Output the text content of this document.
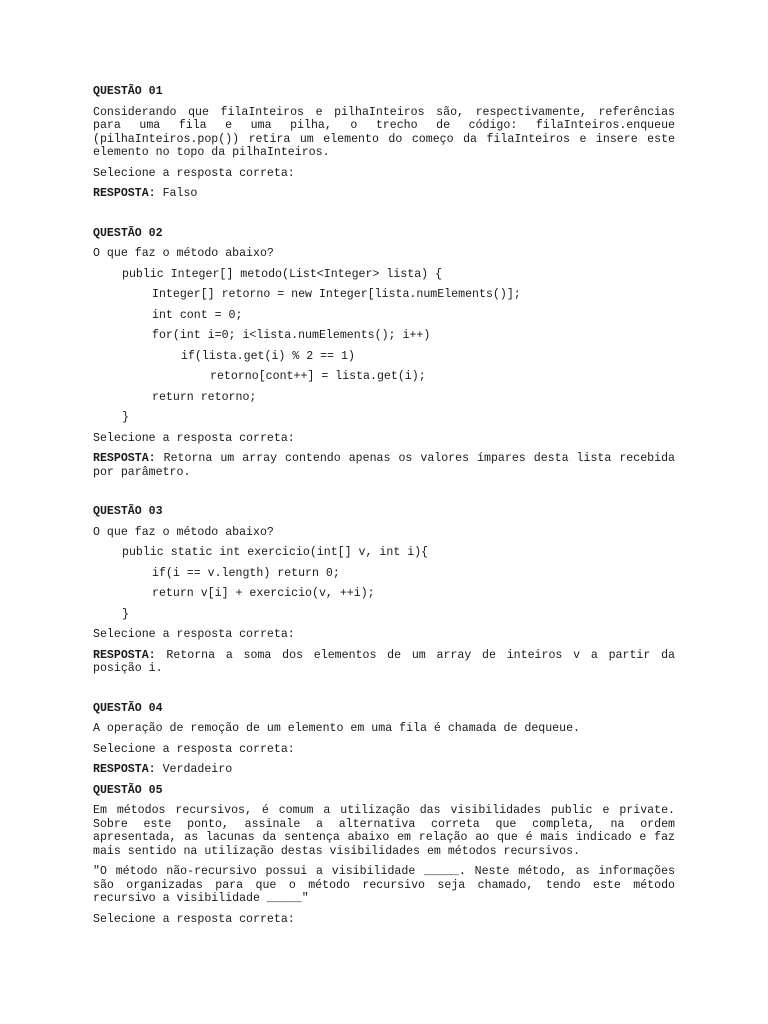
QUESTÃO 01
Considerando que filaInteiros e pilhaInteiros são, respectivamente, referências para uma fila e uma pilha, o trecho de código: filaInteiros.enqueue (pilhaInteiros.pop()) retira um elemento do começo da filaInteiros e insere este elemento no topo da pilhaInteiros.
Selecione a resposta correta:
RESPOSTA: Falso
QUESTÃO 02
O que faz o método abaixo?
public Integer[] metodo(List<Integer> lista) {
Integer[] retorno = new Integer[lista.numElements()];
int cont = 0;
for(int i=0; i<lista.numElements(); i++)
if(lista.get(i) % 2 == 1)
retorno[cont++] = lista.get(i);
return retorno;
}
Selecione a resposta correta:
RESPOSTA: Retorna um array contendo apenas os valores ímpares desta lista recebida por parâmetro.
QUESTÃO 03
O que faz o método abaixo?
public static int exercicio(int[] v, int i){
if(i == v.length) return 0;
return v[i] + exercicio(v, ++i);
}
Selecione a resposta correta:
RESPOSTA: Retorna a soma dos elementos de um array de inteiros v a partir da posição i.
QUESTÃO 04
A operação de remoção de um elemento em uma fila é chamada de dequeue.
Selecione a resposta correta:
RESPOSTA: Verdadeiro
QUESTÃO 05
Em métodos recursivos, é comum a utilização das visibilidades public e private. Sobre este ponto, assinale a alternativa correta que completa, na ordem apresentada, as lacunas da sentença abaixo em relação ao que é mais indicado e faz mais sentido na utilização destas visibilidades em métodos recursivos.
"O método não-recursivo possui a visibilidade _____. Neste método, as informações são organizadas para que o método recursivo seja chamado, tendo este método recursivo a visibilidade _____"
Selecione a resposta correta:
